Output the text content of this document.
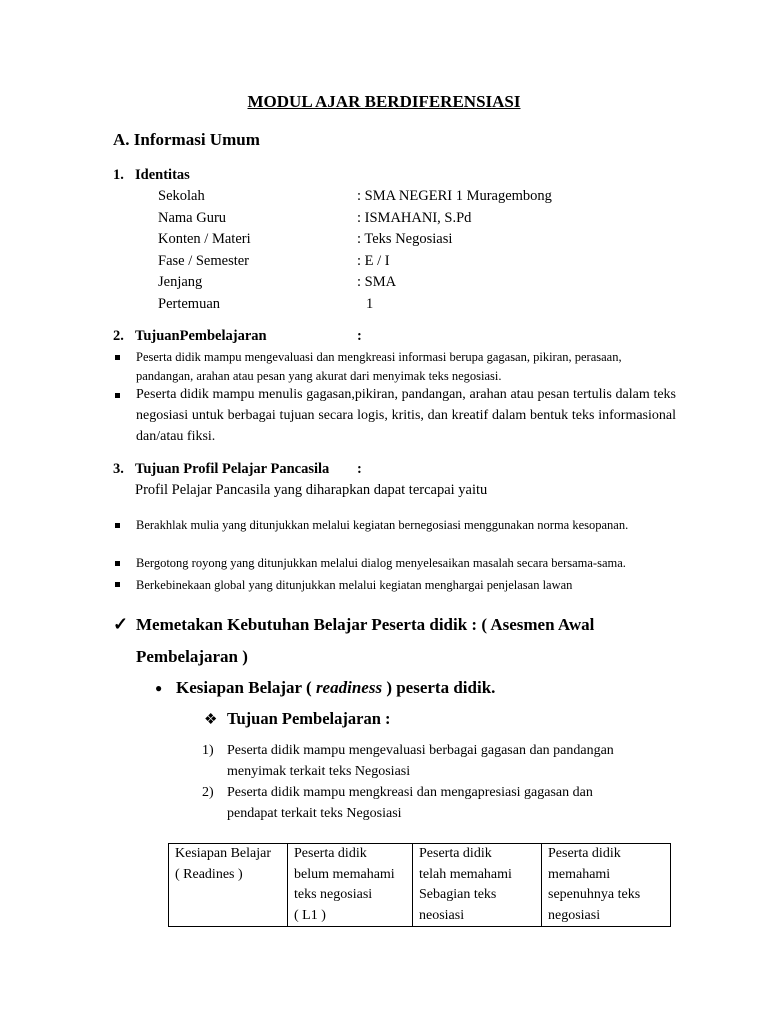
MODUL AJAR BERDIFERENSIASI
A. Informasi Umum
1. Identitas
Sekolah	: SMA NEGERI 1 Muragembong
Nama Guru	: ISMAHANI, S.Pd
Konten / Materi	: Teks Negosiasi
Fase / Semester	: E / I
Jenjang	: SMA
Pertemuan	1
2. TujuanPembelajaran	:
Peserta didik mampu mengevaluasi dan mengkreasi informasi berupa gagasan, pikiran, perasaan,
pandangan, arahan atau pesan yang akurat dari menyimak teks negosiasi.
Peserta didik mampu menulis gagasan,pikiran, pandangan, arahan atau pesan tertulis dalam teks negosiasi untuk berbagai tujuan secara logis, kritis, dan kreatif dalam bentuk teks informasional dan/atau fiksi.
3. Tujuan Profil Pelajar Pancasila :
Profil Pelajar Pancasila yang diharapkan dapat tercapai yaitu
Berakhlak mulia yang ditunjukkan melalui kegiatan bernegosiasi menggunakan norma kesopanan.
Bergotong royong yang ditunjukkan melalui dialog menyelesaikan masalah secara bersama-sama.
Berkebinekaan global yang ditunjukkan melalui kegiatan menghargai penjelasan lawan
✓ Memetakan Kebutuhan Belajar Peserta didik : ( Asesmen Awal
Pembelajaran )
● Kesiapan Belajar ( readiness ) peserta didik.
❖ Tujuan Pembelajaran :
1) Peserta didik mampu mengevaluasi berbagai gagasan dan pandangan
menyimak terkait teks Negosiasi
2) Peserta didik mampu mengkreasi dan mengapresiasi gagasan dan
pendapat terkait teks Negosiasi
Kesiapan Belajar
( Readines )

Peserta didik
belum memahami
teks negosiasi
( L1 )

Peserta didik
telah memahami
Sebagian teks
neosiasi

Peserta didik
memahami
sepenuhnya teks
negosiasi
